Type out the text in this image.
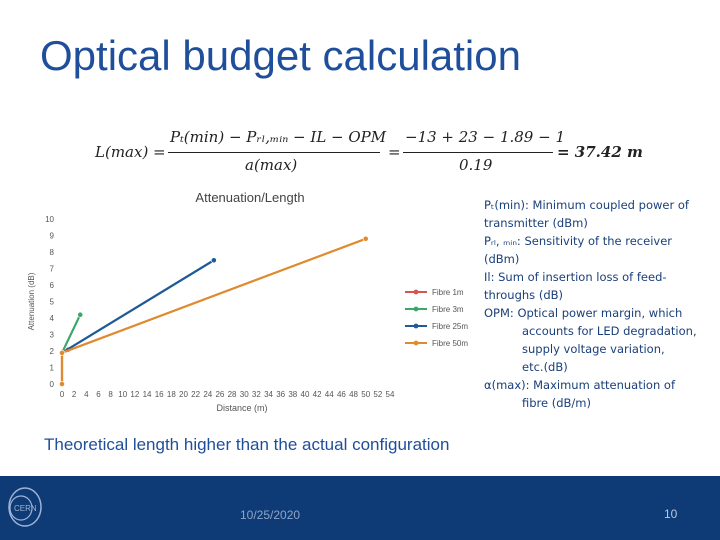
Optical budget calculation
L(max) =
Pₜ(min) − Pᵣₗ,ₘᵢₙ − IL − OPM
a(max)
=
−13 + 23 − 1.89 − 1
0.19
= 37.42 m
Attenuation/Length
0
1
2
3
4
5
6
7
8
9
10
0 2 4 6 8 10 12 14 16 18 20 22 24 26 28 30 32 34 36 38 40 42 44 46 48 50 52 54
Distance (m)
Attenuation (dB)	Fibre 1m
Fibre 3m
Fibre 25m
Fibre 50m
Pₜ(min): Minimum coupled power of transmitter (dBm)
Pᵣₗ, ₘᵢₙ: Sensitivity of the receiver (dBm)
Il: Sum of insertion loss of feed-throughs (dB)
OPM: Optical power margin, which
accounts for LED degradation,
supply voltage variation,
etc.(dB)
α(max): Maximum attenuation of
fibre (dB/m)
Theoretical length higher than the actual configuration
CERN	10/25/2020	10
